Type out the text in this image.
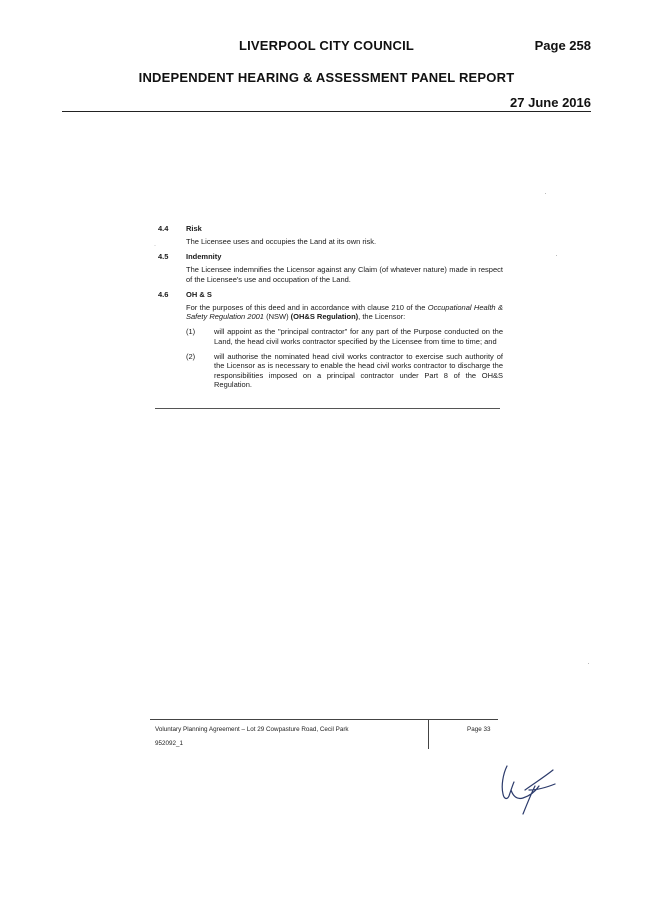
LIVERPOOL CITY COUNCIL	Page 258
INDEPENDENT HEARING & ASSESSMENT PANEL REPORT
27 June 2016
·
4.4 Risk
The Licensee uses and occupies the Land at its own risk.
4.5 Indemnity
The Licensee indemnifies the Licensor against any Claim (of whatever nature) made in respect of the Licensee's use and occupation of the Land.
4.6 OH & S
For the purposes of this deed and in accordance with clause 210 of the Occupational Health & Safety Regulation 2001 (NSW) (OH&S Regulation), the Licensor:
(1)	will appoint as the "principal contractor" for any part of the Purpose conducted on the Land, the head civil works contractor specified by the Licensee from time to time; and
(2)	will authorise the nominated head civil works contractor to exercise such authority of the Licensor as is necessary to enable the head civil works contractor to discharge the responsibilities imposed on a principal contractor under Part 8 of the OH&S Regulation.
Voluntary Planning Agreement – Lot 29 Cowpasture Road, Cecil Park
952092_1
Page 33
